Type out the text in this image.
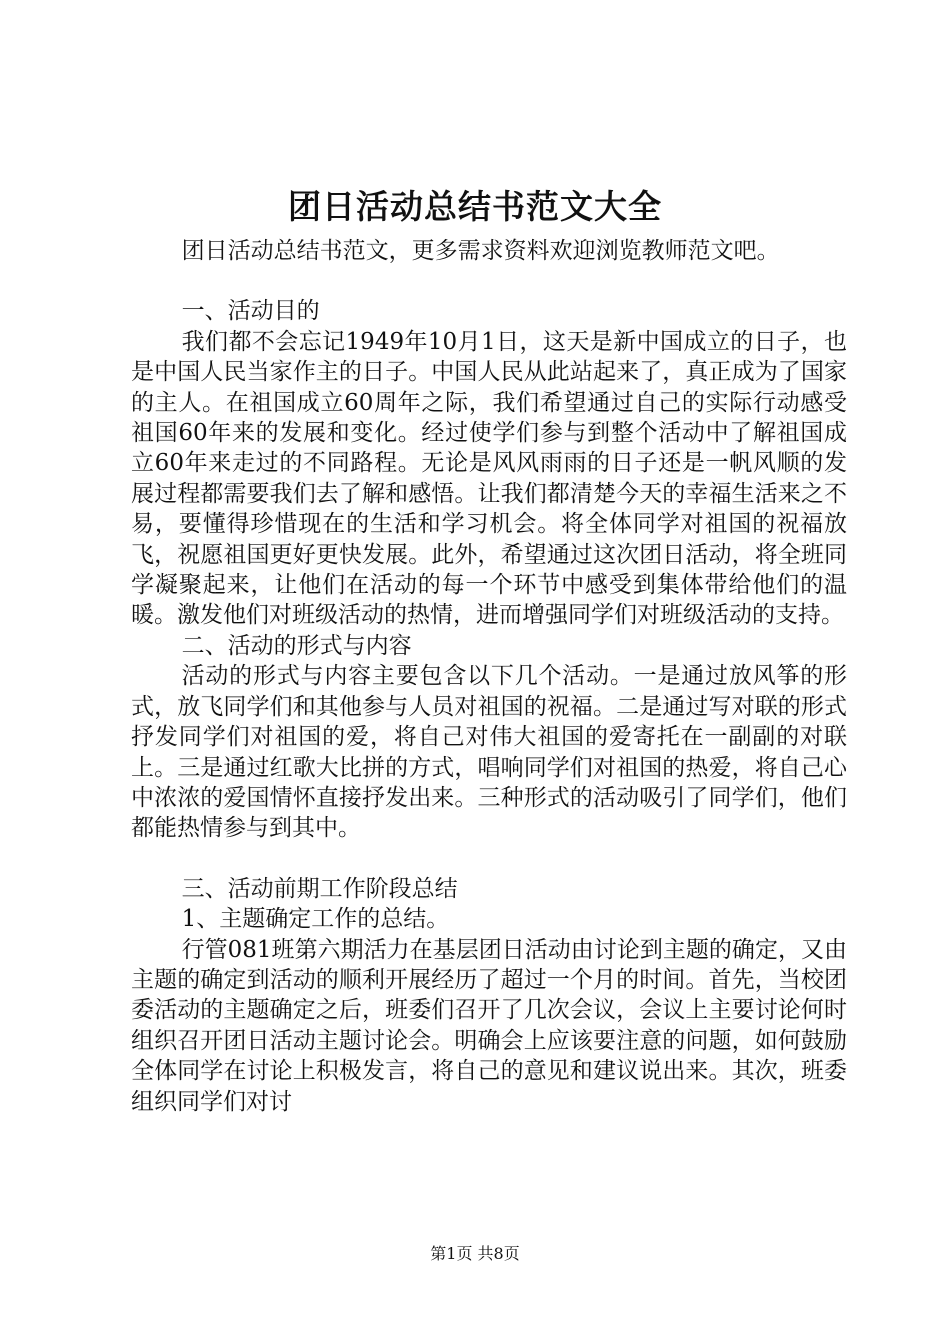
团日活动总结书范文大全

团日活动总结书范文，更多需求资料欢迎浏览教师范文吧。

一、活动目的

我们都不会忘记1949年10月1日，这天是新中国成立的日子，也是中国人民当家作主的日子。中国人民从此站起来了，真正成为了国家的主人。在祖国成立60周年之际，我们希望通过自己的实际行动感受祖国60年来的发展和变化。经过使学们参与到整个活动中了解祖国成立60年来走过的不同路程。无论是风风雨雨的日子还是一帆风顺的发展过程都需要我们去了解和感悟。让我们都清楚今天的幸福生活来之不易，要懂得珍惜现在的生活和学习机会。将全体同学对祖国的祝福放飞，祝愿祖国更好更快发展。此外，希望通过这次团日活动，将全班同学凝聚起来，让他们在活动的每一个环节中感受到集体带给他们的温暖。激发他们对班级活动的热情，进而增强同学们对班级活动的支持。

二、活动的形式与内容

活动的形式与内容主要包含以下几个活动。一是通过放风筝的形式，放飞同学们和其他参与人员对祖国的祝福。二是通过写对联的形式抒发同学们对祖国的爱，将自己对伟大祖国的爱寄托在一副副的对联上。三是通过红歌大比拼的方式，唱响同学们对祖国的热爱，将自己心中浓浓的爱国情怀直接抒发出来。三种形式的活动吸引了同学们，他们都能热情参与到其中。

三、活动前期工作阶段总结

1、主题确定工作的总结。

行管081班第六期活力在基层团日活动由讨论到主题的确定，又由主题的确定到活动的顺利开展经历了超过一个月的时间。首先，当校团委活动的主题确定之后，班委们召开了几次会议，会议上主要讨论何时组织召开团日活动主题讨论会。明确会上应该要注意的问题，如何鼓励全体同学在讨论上积极发言，将自己的意见和建议说出来。其次，班委组织同学们对讨

第1页 共8页
